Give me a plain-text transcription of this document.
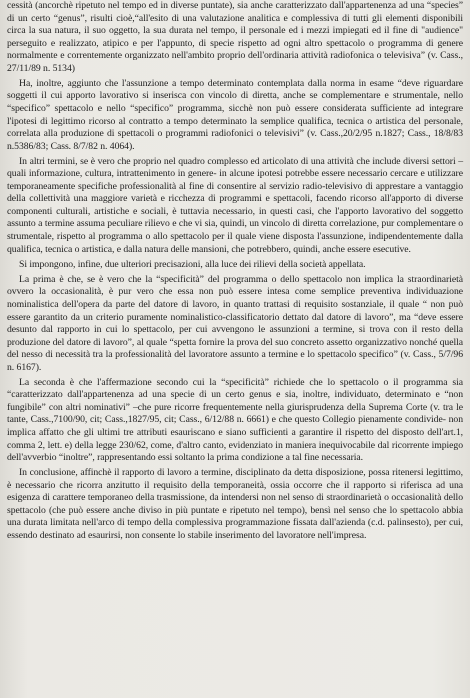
cessità (ancorchè ripetuto nel tempo ed in diverse puntate), sia anche caratterizzato dall'appartenenza ad una “species” di un certo “genus”, risulti cioè,“all'esito di una valutazione analitica e complessiva di tutti gli elementi disponibili circa la sua natura, il suo oggetto, la sua durata nel tempo, il personale ed i mezzi impiegati ed il fine di "audience" perseguito e realizzato, atipico e per l'appunto, di specie rispetto ad ogni altro spettacolo o programma di genere normalmente e correntemente organizzato nell'ambito proprio dell'ordinaria attività radiofonica o televisiva” (v. Cass., 27/11/89 n. 5134)

Ha, inoltre, aggiunto che l'assunzione a tempo determinato contemplata dalla norma in esame “deve riguardare soggetti il cui apporto lavorativo si inserisca con vincolo di diretta, anche se complementare e strumentale, nello “specifico” spettacolo e nello “specifico” programma, sicchè non può essere considerata sufficiente ad integrare l'ipotesi di legittimo ricorso al contratto a tempo determinato la semplice qualifica, tecnica o artistica del personale, correlata alla produzione di spettacoli o programmi radiofonici o televisivi” (v. Cass.,20/2/95 n.1827; Cass., 18/8/83 n.5386/83; Cass. 8/7/82 n. 4064).

In altri termini, se è vero che proprio nel quadro complesso ed articolato di una attività che include diversi settori –quali informazione, cultura, intrattenimento in genere- in alcune ipotesi potrebbe essere necessario cercare e utilizzare temporaneamente specifiche professionalità al fine di consentire al servizio radio-televisivo di apprestare a vantaggio della collettività una maggiore varietà e ricchezza di programmi e spettacoli, facendo ricorso all'apporto di diverse componenti culturali, artistiche e sociali, è tuttavia necessario, in questi casi, che l'apporto lavorativo del soggetto assunto a termine assuma peculiare rilievo e che vi sia, quindi, un vincolo di diretta correlazione, pur complementare o strumentale, rispetto al programma o allo spettacolo per il quale viene disposta l'assunzione, indipendentemente dalla qualifica, tecnica o artistica, e dalla natura delle mansioni, che potrebbero, quindi, anche essere esecutive.

Si impongono, infine, due ulteriori precisazioni, alla luce dei rilievi della società appellata.

La prima è che, se è vero che la “specificità” del programma o dello spettacolo non implica la straordinarietà ovvero la occasionalità, è pur vero che essa non può essere intesa come semplice preventiva individuazione nominalistica dell'opera da parte del datore di lavoro, in quanto trattasi di requisito sostanziale, il quale “ non può essere garantito da un criterio puramente nominalistico-classificatorio dettato dal datore di lavoro”, ma “deve essere desunto dal rapporto in cui lo spettacolo, per cui avvengono le assunzioni a termine, si trova con il resto della produzione del datore di lavoro”, al quale “spetta fornire la prova del suo concreto assetto organizzativo nonché quella del nesso di necessità tra la professionalità del lavoratore assunto a termine e lo spettacolo specifico” (v. Cass., 5/7/96 n. 6167).

La seconda è che l'affermazione secondo cui la “specificità” richiede che lo spettacolo o il programma sia “caratterizzato dall'appartenenza ad una specie di un certo genus e sia, inoltre, individuato, determinato e “non fungibile” con altri nominativi” –che pure ricorre frequentemente nella giurisprudenza della Suprema Corte (v. tra le tante, Cass.,7100/90, cit; Cass.,1827/95, cit; Cass., 6/12/88 n. 6661) e che questo Collegio pienamente condivide- non implica affatto che gli ultimi tre attributi esauriscano e siano sufficienti a garantire il rispetto del disposto dell'art.1, comma 2, lett. e) della legge 230/62, come, d'altro canto, evidenziato in maniera inequivocabile dal ricorrente impiego dell'avverbio “inoltre”, rappresentando essi soltanto la prima condizione a tal fine necessaria.

In conclusione, affinchè il rapporto di lavoro a termine, disciplinato da detta disposizione, possa ritenersi legittimo, è necessario che ricorra anzitutto il requisito della temporaneità, ossia occorre che il rapporto si riferisca ad una esigenza di carattere temporaneo della trasmissione, da intendersi non nel senso di straordinarietà o occasionalità dello spettacolo (che può essere anche diviso in più puntate e ripetuto nel tempo), bensì nel senso che lo spettacolo abbia una durata limitata nell'arco di tempo della complessiva programmazione fissata dall'azienda (c.d. palinsesto), per cui, essendo destinato ad esaurirsi, non consente lo stabile inserimento del lavoratore nell'impresa.
